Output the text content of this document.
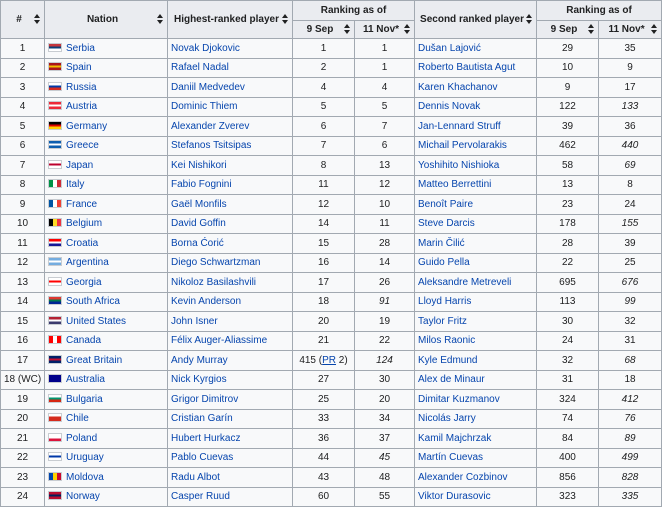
#	Nation	Highest-ranked player	Ranking as of		Second ranked player	Ranking as of	
			9 Sep	11 Nov*		9 Sep	11 Nov*

1	Serbia	Novak Djokovic	1	1	Dušan Lajović	29	35
2	Spain	Rafael Nadal	2	1	Roberto Bautista Agut	10	9
3	Russia	Daniil Medvedev	4	4	Karen Khachanov	9	17
4	Austria	Dominic Thiem	5	5	Dennis Novak	122	133
5	Germany	Alexander Zverev	6	7	Jan-Lennard Struff	39	36
6	Greece	Stefanos Tsitsipas	7	6	Michail Pervolarakis	462	440
7	Japan	Kei Nishikori	8	13	Yoshihito Nishioka	58	69
8	Italy	Fabio Fognini	11	12	Matteo Berrettini	13	8
9	France	Gaël Monfils	12	10	Benoît Paire	23	24
10	Belgium	David Goffin	14	11	Steve Darcis	178	155
11	Croatia	Borna Ćorić	15	28	Marin Čilić	28	39
12	Argentina	Diego Schwartzman	16	14	Guido Pella	22	25
13	Georgia	Nikoloz Basilashvili	17	26	Aleksandre Metreveli	695	676
14	South Africa	Kevin Anderson	18	91	Lloyd Harris	113	99
15	United States	John Isner	20	19	Taylor Fritz	30	32
16	Canada	Félix Auger-Aliassime	21	22	Milos Raonic	24	31
17	Great Britain	Andy Murray	415 (PR 2)	124	Kyle Edmund	32	68
18 (WC)	Australia	Nick Kyrgios	27	30	Alex de Minaur	31	18
19	Bulgaria	Grigor Dimitrov	25	20	Dimitar Kuzmanov	324	412
20	Chile	Cristian Garín	33	34	Nicolás Jarry	74	76
21	Poland	Hubert Hurkacz	36	37	Kamil Majchrzak	84	89
22	Uruguay	Pablo Cuevas	44	45	Martín Cuevas	400	499
23	Moldova	Radu Albot	43	48	Alexander Cozbinov	856	828
24	Norway	Casper Ruud	60	55	Viktor Durasovic	323	335
